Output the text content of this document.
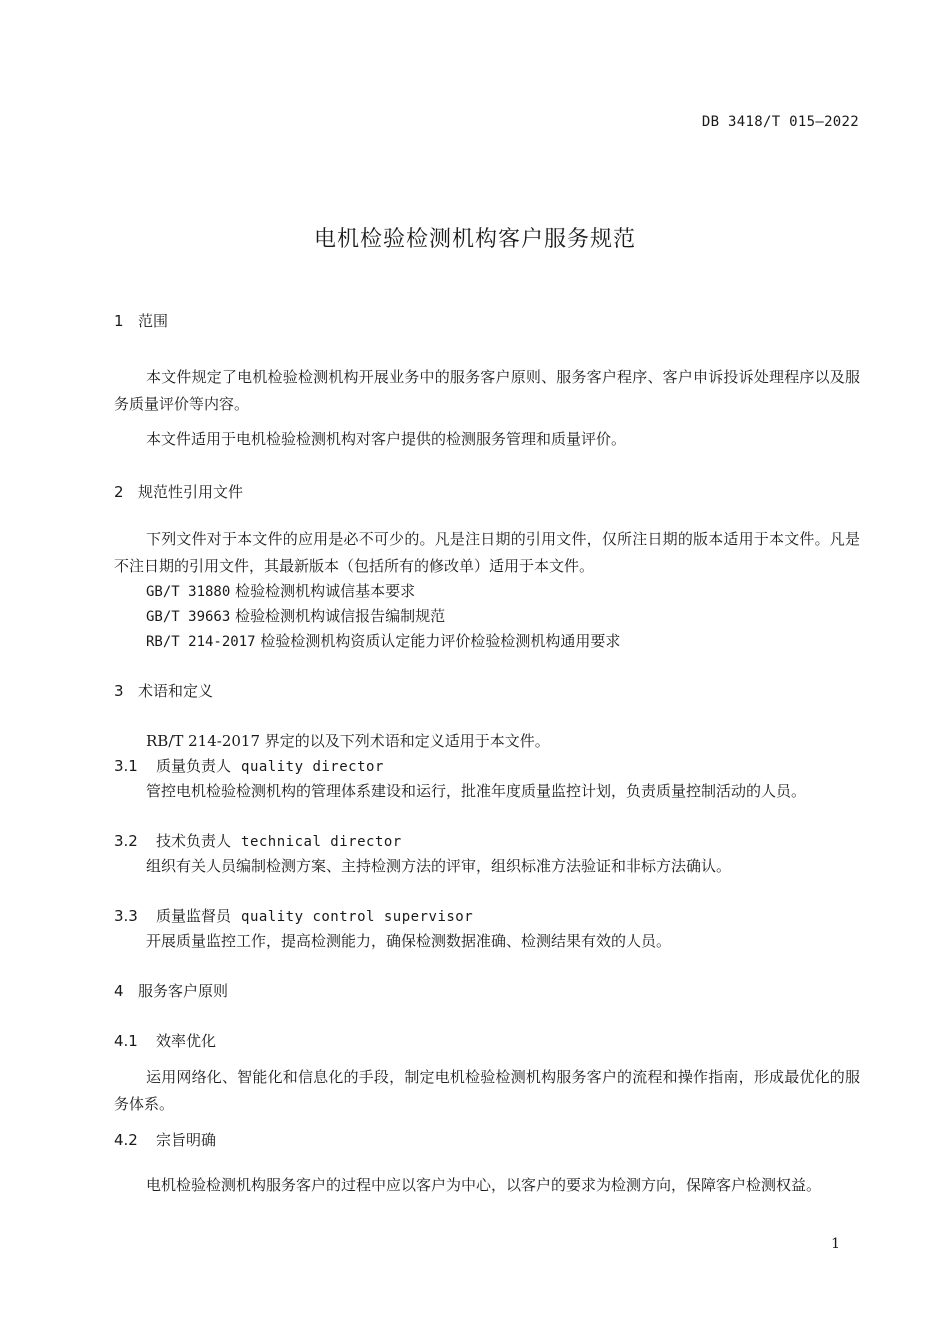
DB 3418/T 015—2022
电机检验检测机构客户服务规范
1 范围
本文件规定了电机检验检测机构开展业务中的服务客户原则、服务客户程序、客户申诉投诉处理程序以及服务质量评价等内容。
本文件适用于电机检验检测机构对客户提供的检测服务管理和质量评价。
2 规范性引用文件
下列文件对于本文件的应用是必不可少的。凡是注日期的引用文件，仅所注日期的版本适用于本文件。凡是不注日期的引用文件，其最新版本（包括所有的修改单）适用于本文件。
GB/T 31880 检验检测机构诚信基本要求
GB/T 39663 检验检测机构诚信报告编制规范
RB/T 214-2017 检验检测机构资质认定能力评价检验检测机构通用要求
3 术语和定义
RB/T 214-2017 界定的以及下列术语和定义适用于本文件。
3.1 质量负责人 quality director
管控电机检验检测机构的管理体系建设和运行，批准年度质量监控计划，负责质量控制活动的人员。
3.2 技术负责人 technical director
组织有关人员编制检测方案、主持检测方法的评审，组织标准方法验证和非标方法确认。
3.3 质量监督员 quality control supervisor
开展质量监控工作，提高检测能力，确保检测数据准确、检测结果有效的人员。
4 服务客户原则
4.1 效率优化
运用网络化、智能化和信息化的手段，制定电机检验检测机构服务客户的流程和操作指南，形成最优化的服务体系。
4.2 宗旨明确
电机检验检测机构服务客户的过程中应以客户为中心，以客户的要求为检测方向，保障客户检测权益。
1
